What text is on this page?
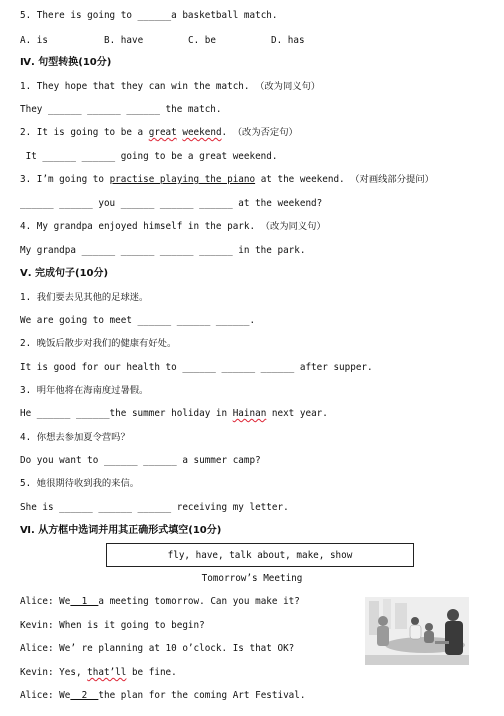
5. There is going to ______a basketball match.
A. is	B. have	C. be	D. has
Ⅳ. 句型转换(10分)
1. They hope that they can win the match. （改为同义句）
They ______ ______ ______ the match.
2. It is going to be a great weekend. （改为否定句）
It ______ ______ going to be a great weekend.
3. I’m going to practise playing the piano at the weekend. （对画线部分提问）
______ ______ you ______ ______ ______ at the weekend?
4. My grandpa enjoyed himself in the park. （改为同义句）
My grandpa ______ ______ ______ ______ in the park.
Ⅴ. 完成句子(10分)
1. 我们要去见其他的足球迷。
We are going to meet ______ ______ ______.
2. 晚饭后散步对我们的健康有好处。
It is good for our health to ______ ______ ______ after supper.
3. 明年他将在海南度过暑假。
He ______ ______the summer holiday in Hainan next year.
4. 你想去参加夏令营吗？
Do you want to ______ ______ a summer camp?
5. 她很期待收到我的来信。
She is ______ ______ ______ receiving my letter.
Ⅵ. 从方框中选词并用其正确形式填空(10分)
fly, have, talk about, make, show
Tomorrow’s Meeting
Alice: We  1  a meeting tomorrow. Can you make it?
Kevin: When is it going to begin?
Alice: We’ re planning at 10 o’clock. Is that OK?
Kevin: Yes, that’ll be fine.
Alice: We  2  the plan for the coming Art Festival.
